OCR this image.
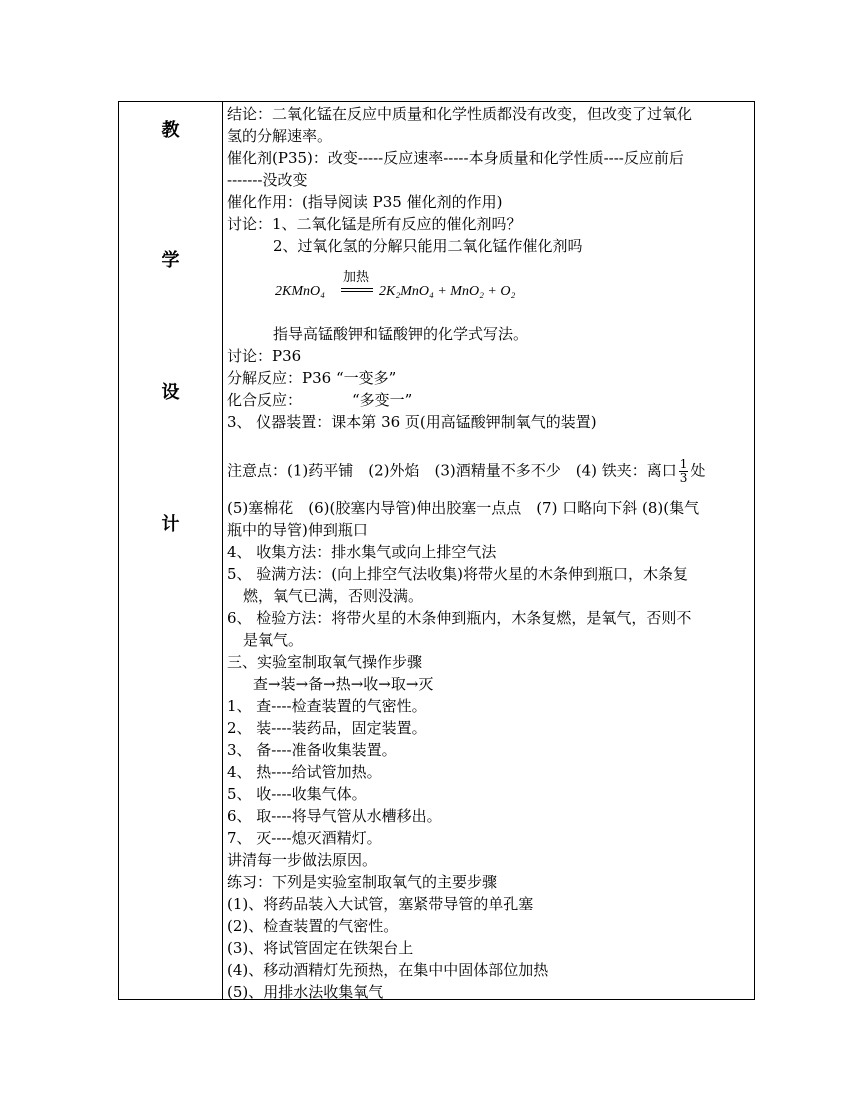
教
学
设
计
结论：二氧化锰在反应中质量和化学性质都没有改变，但改变了过氧化
氢的分解速率。
催化剂(P35)：改变-----反应速率-----本身质量和化学性质----反应前后
-------没改变
催化作用：(指导阅读 P35 催化剂的作用)
讨论：1、二氧化锰是所有反应的催化剂吗？
2、过氧化氢的分解只能用二氧化锰作催化剂吗
2KMnO₄
加热
2K₂MnO₄ + MnO₂ + O₂
指导高锰酸钾和锰酸钾的化学式写法。
讨论：P36
分解反应：P36 “一变多”
化合反应：	“多变一”
3、 仪器装置：课本第 36 页(用高锰酸钾制氧气的装置)
注意点：(1)药平铺　(2)外焰　(3)酒精量不多不少　(4) 铁夹：离口 $\frac{1}{3}$ 处
(5)塞棉花　(6)(胶塞内导管)伸出胶塞一点点　(7) 口略向下斜 (8)(集气
瓶中的导管)伸到瓶口
4、 收集方法：排水集气或向上排空气法
5、 验满方法：(向上排空气法收集)将带火星的木条伸到瓶口，木条复
燃，氧气已满，否则没满。
6、 检验方法：将带火星的木条伸到瓶内，木条复燃，是氧气，否则不
是氧气。
三、实验室制取氧气操作步骤
查→装→备→热→收→取→灭
1、 查----检查装置的气密性。
2、 装----装药品，固定装置。
3、 备----准备收集装置。
4、 热----给试管加热。
5、 收----收集气体。
6、 取----将导气管从水槽移出。
7、 灭----熄灭酒精灯。
讲清每一步做法原因。
练习：下列是实验室制取氧气的主要步骤
(1)、将药品装入大试管，塞紧带导管的单孔塞
(2)、检查装置的气密性。
(3)、将试管固定在铁架台上
(4)、移动酒精灯先预热，在集中中固体部位加热
(5)、用排水法收集氧气
